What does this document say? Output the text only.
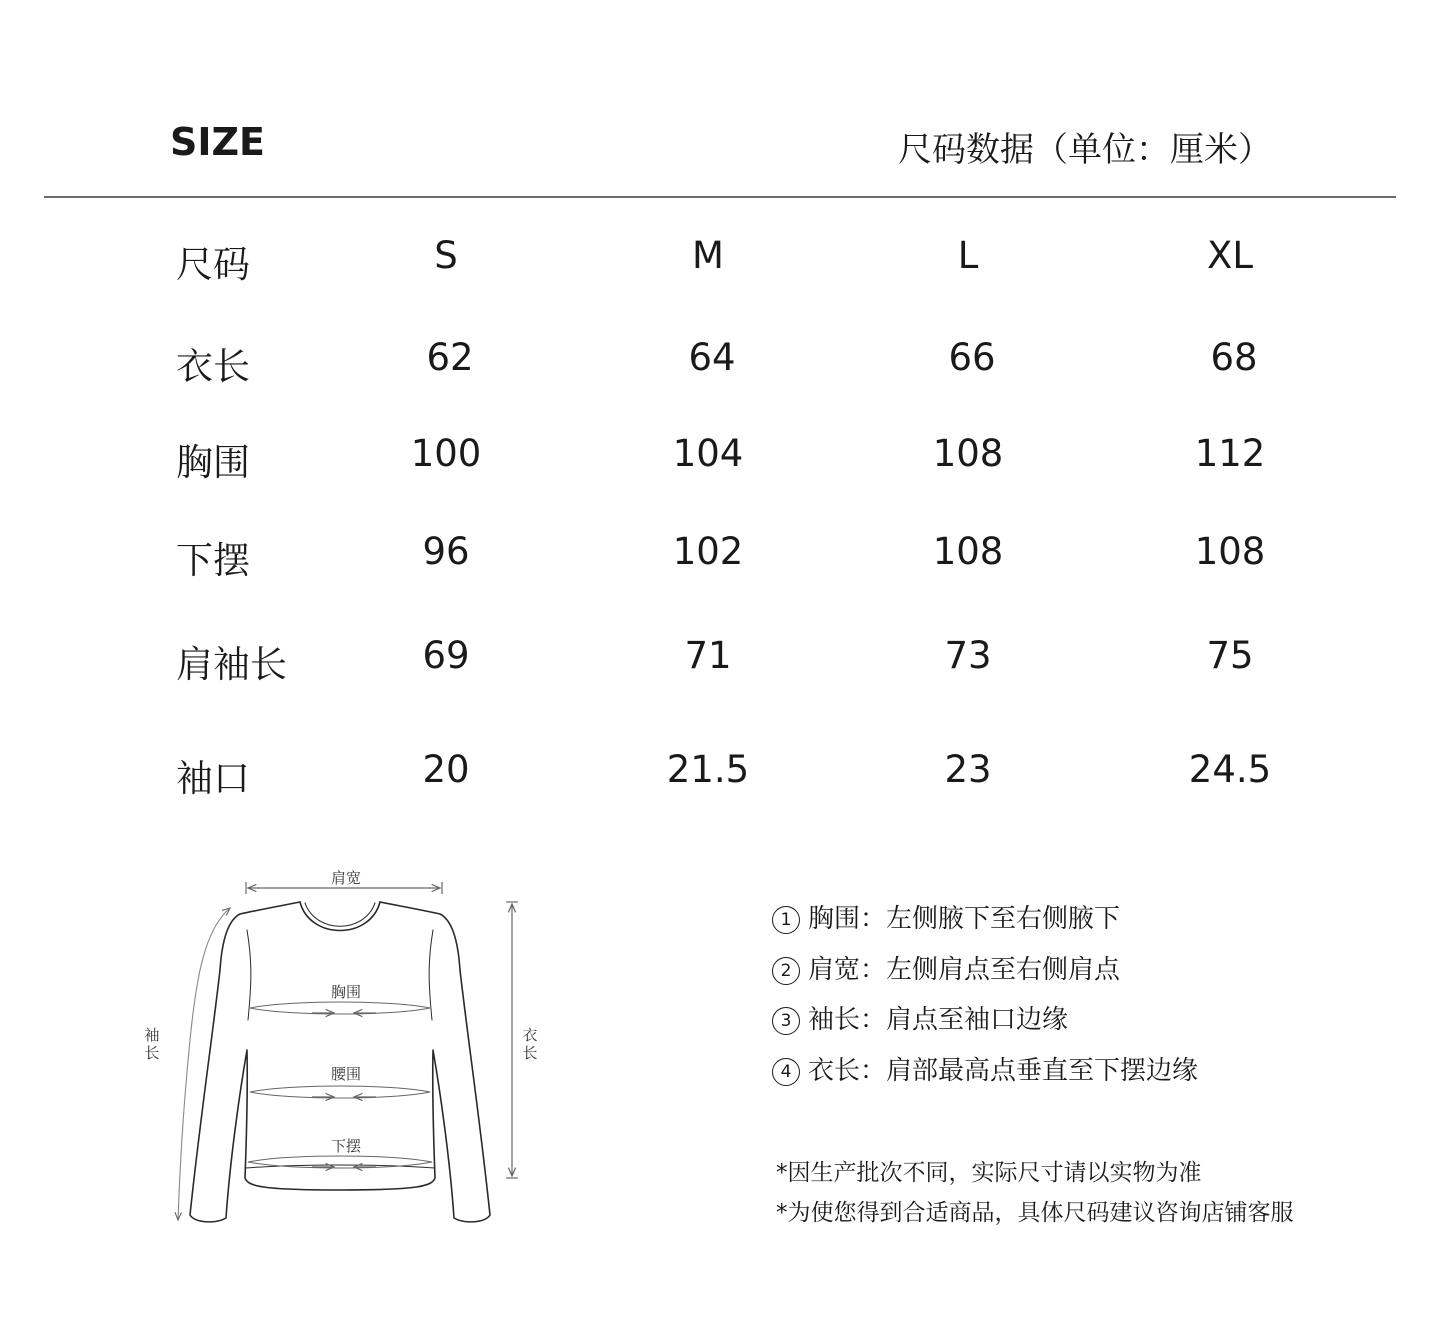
SIZE	尺码数据（单位：厘米）
尺码	S	M	L	XL
衣长	62	64	66	68
胸围	100	104	108	112
下摆	96	102	108	108
肩袖长	69	71	73	75
袖口	20	21.5	23	24.5
肩宽
胸围
腰围
下摆
袖
长
衣
长
1 胸围：左侧腋下至右侧腋下
2 肩宽：左侧肩点至右侧肩点
3 袖长：肩点至袖口边缘
4 衣长：肩部最高点垂直至下摆边缘
*因生产批次不同，实际尺寸请以实物为准
*为使您得到合适商品，具体尺码建议咨询店铺客服
